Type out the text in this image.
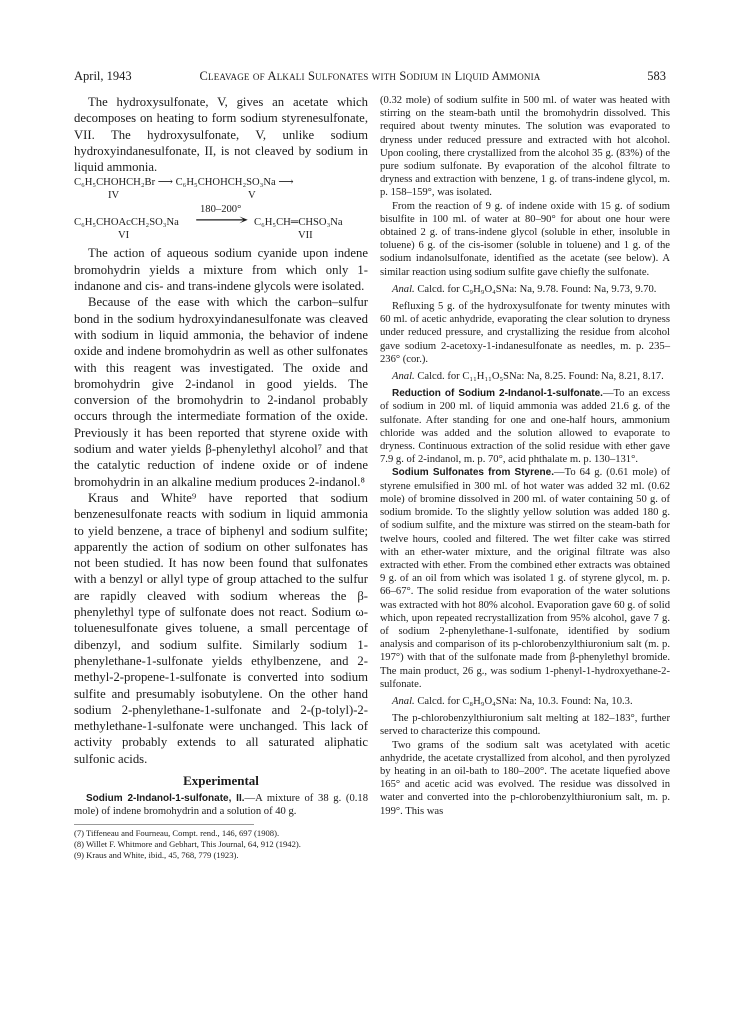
April, 1943	Cleavage of Alkali Sulfonates with Sodium in Liquid Ammonia	583

The hydroxysulfonate, V, gives an acetate which decomposes on heating to form sodium styrenesulfonate, VII. The hydroxysulfonate, V, unlike sodium hydroxyindanesulfonate, II, is not cleaved by sodium in liquid ammonia.

C₆H₅CHOHCH₂Br ⟶ C₆H₅CHOHCH₂SO₃Na ⟶
IV	V
180–200°
C₆H₅CHOAcCH₂SO₃Na ⟶ C₆H₅CH═CHSO₃Na
VI	VII

The action of aqueous sodium cyanide upon indene bromohydrin yields a mixture from which only 1-indanone and cis- and trans-indene glycols were isolated.

Because of the ease with which the carbon–sulfur bond in the sodium hydroxyindanesulfonate was cleaved with sodium in liquid ammonia, the behavior of indene oxide and indene bromohydrin as well as other sulfonates with this reagent was investigated. The oxide and bromohydrin give 2-indanol in good yields. The conversion of the bromohydrin to 2-indanol probably occurs through the intermediate formation of the oxide. Previously it has been reported that styrene oxide with sodium and water yields β-phenylethyl alcohol⁷ and that the catalytic reduction of indene oxide or of indene bromohydrin in an alkaline medium produces 2-indanol.⁸

Kraus and White⁹ have reported that sodium benzenesulfonate reacts with sodium in liquid ammonia to yield benzene, a trace of biphenyl and sodium sulfite; apparently the action of sodium on other sulfonates has not been studied. It has now been found that sulfonates with a benzyl or allyl type of group attached to the sulfur are rapidly cleaved with sodium whereas the β-phenylethyl type of sulfonate does not react. Sodium ω-toluenesulfonate gives toluene, a small percentage of dibenzyl, and sodium sulfite. Similarly sodium 1-phenylethane-1-sulfonate yields ethylbenzene, and 2-methyl-2-propene-1-sulfonate is converted into sodium sulfite and presumably isobutylene. On the other hand sodium 2-phenylethane-1-sulfonate and 2-(p-tolyl)-2-methylethane-1-sulfonate were unchanged. This lack of activity probably extends to all saturated aliphatic sulfonic acids.

Experimental

Sodium 2-Indanol-1-sulfonate, II.—A mixture of 38 g. (0.18 mole) of indene bromohydrin and a solution of 40 g.

(7) Tiffeneau and Fourneau, Compt. rend., 146, 697 (1908).
(8) Willet F. Whitmore and Gebhart, This Journal, 64, 912 (1942).
(9) Kraus and White, ibid., 45, 768, 779 (1923).

(0.32 mole) of sodium sulfite in 500 ml. of water was heated with stirring on the steam-bath until the bromohydrin dissolved. This required about twenty minutes. The solution was evaporated to dryness under reduced pressure and extracted with hot alcohol. Upon cooling, there crystallized from the alcohol 35 g. (83%) of the pure sodium sulfonate. By evaporation of the alcohol filtrate to dryness and extraction with benzene, 1 g. of trans-indene glycol, m. p. 158–159°, was isolated.

From the reaction of 9 g. of indene oxide with 15 g. of sodium bisulfite in 100 ml. of water at 80–90° for about one hour were obtained 2 g. of trans-indene glycol (soluble in ether, insoluble in toluene) 6 g. of the cis-isomer (soluble in toluene) and 1 g. of the sodium indanolsulfonate, identified as the acetate (see below). A similar reaction using sodium sulfite gave chiefly the sulfonate.

Anal. Calcd. for C₉H₉O₄SNa: Na, 9.78. Found: Na, 9.73, 9.70.

Refluxing 5 g. of the hydroxysulfonate for twenty minutes with 60 ml. of acetic anhydride, evaporating the clear solution to dryness under reduced pressure, and crystallizing the residue from alcohol gave sodium 2-acetoxy-1-indanesulfonate as needles, m. p. 235–236° (cor.).

Anal. Calcd. for C₁₁H₁₁O₅SNa: Na, 8.25. Found: Na, 8.21, 8.17.

Reduction of Sodium 2-Indanol-1-sulfonate.—To an excess of sodium in 200 ml. of liquid ammonia was added 21.6 g. of the sulfonate. After standing for one and one-half hours, ammonium chloride was added and the solution allowed to evaporate to dryness. Continuous extraction of the solid residue with ether gave 7.9 g. of 2-indanol, m. p. 70°, acid phthalate m. p. 130–131°.

Sodium Sulfonates from Styrene.—To 64 g. (0.61 mole) of styrene emulsified in 300 ml. of hot water was added 32 ml. (0.62 mole) of bromine dissolved in 200 ml. of water containing 50 g. of sodium bromide. To the slightly yellow solution was added 180 g. of sodium sulfite, and the mixture was stirred on the steam-bath for twelve hours, cooled and filtered. The wet filter cake was stirred with an ether-water mixture, and the original filtrate was also extracted with ether. From the combined ether extracts was obtained 9 g. of an oil from which was isolated 1 g. of styrene glycol, m. p. 66–67°. The solid residue from evaporation of the water solutions was extracted with hot 80% alcohol. Evaporation gave 60 g. of solid which, upon repeated recrystallization from 95% alcohol, gave 7 g. of sodium 2-phenylethane-1-sulfonate, identified by sodium analysis and comparison of its p-chlorobenzylthiuronium salt (m. p. 197°) with that of the sulfonate made from β-phenylethyl bromide. The main product, 26 g., was sodium 1-phenyl-1-hydroxyethane-2-sulfonate.

Anal. Calcd. for C₈H₉O₄SNa: Na, 10.3. Found: Na, 10.3.

The p-chlorobenzylthiuronium salt melting at 182–183°, further served to characterize this compound.

Two grams of the sodium salt was acetylated with acetic anhydride, the acetate crystallized from alcohol, and then pyrolyzed by heating in an oil-bath to 180–200°. The acetate liquefied above 165° and acetic acid was evolved. The residue was dissolved in water and converted into the p-chlorobenzylthiuronium salt, m. p. 199°. This was
